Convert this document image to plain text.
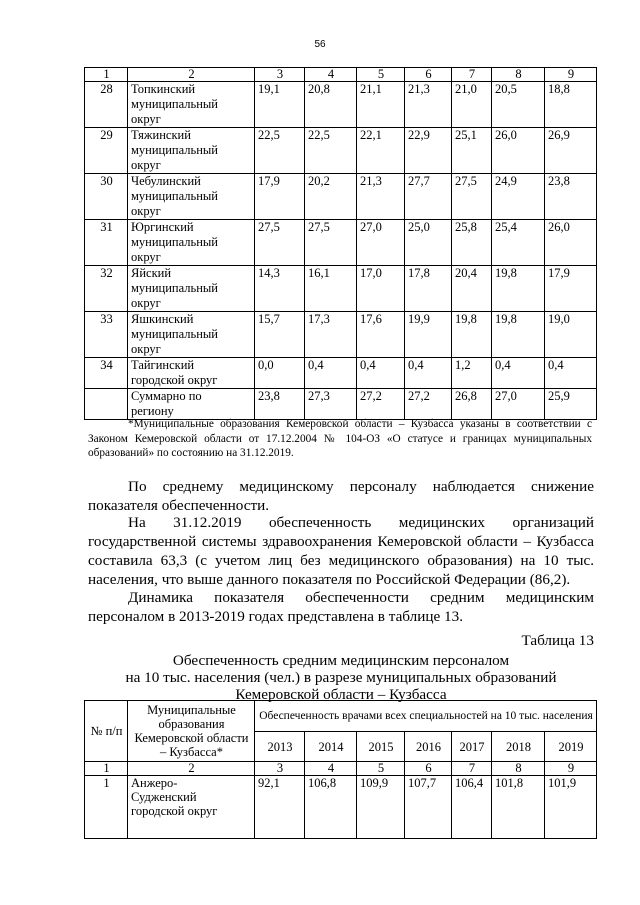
56
1	2	3	4	5	6	7	8	9
28	Топкинский
муниципальный
округ	19,1	20,8	21,1	21,3	21,0	20,5	18,8
29	Тяжинский
муниципальный
округ	22,5	22,5	22,1	22,9	25,1	26,0	26,9
30	Чебулинский
муниципальный
округ	17,9	20,2	21,3	27,7	27,5	24,9	23,8
31	Юргинский
муниципальный
округ	27,5	27,5	27,0	25,0	25,8	25,4	26,0
32	Яйский
муниципальный
округ	14,3	16,1	17,0	17,8	20,4	19,8	17,9
33	Яшкинский
муниципальный
округ	15,7	17,3	17,6	19,9	19,8	19,8	19,0
34	Тайгинский
городской округ	0,0	0,4	0,4	0,4	1,2	0,4	0,4

	Суммарно по
региону	23,8	27,3	27,2	27,2	26,8	27,0	25,9
*Муниципальные образования Кемеровской области – Кузбасса указаны в соответствии с Законом Кемеровской области от 17.12.2004 № 104-ОЗ «О статусе и границах муниципальных образований» по состоянию на 31.12.2019.
По среднему медицинскому персоналу наблюдается снижение показателя обеспеченности.
На 31.12.2019 обеспеченность медицинских организаций государственной системы здравоохранения Кемеровской области – Кузбасса составила 63,3 (с учетом лиц без медицинского образования) на 10 тыс. населения, что выше данного показателя по Российской Федерации (86,2).
Динамика показателя обеспеченности средним медицинским персоналом в 2013-2019 годах представлена в таблице 13.
Таблица 13
Обеспеченность средним медицинским персоналом
на 10 тыс. населения (чел.) в разрезе муниципальных образований
Кемеровской области – Кузбасса
№ п/п	Муниципальные образования Кемеровской области – Кузбасса*	Обеспеченность врачами всех специальностей на 10 тыс. населения						
		2013	2014	2015	2016	2017	2018	2019
1	2	3	4	5	6	7	8	9
1	Анжеро-
Судженский
городской округ	92,1	106,8	109,9	107,7	106,4	101,8	101,9
